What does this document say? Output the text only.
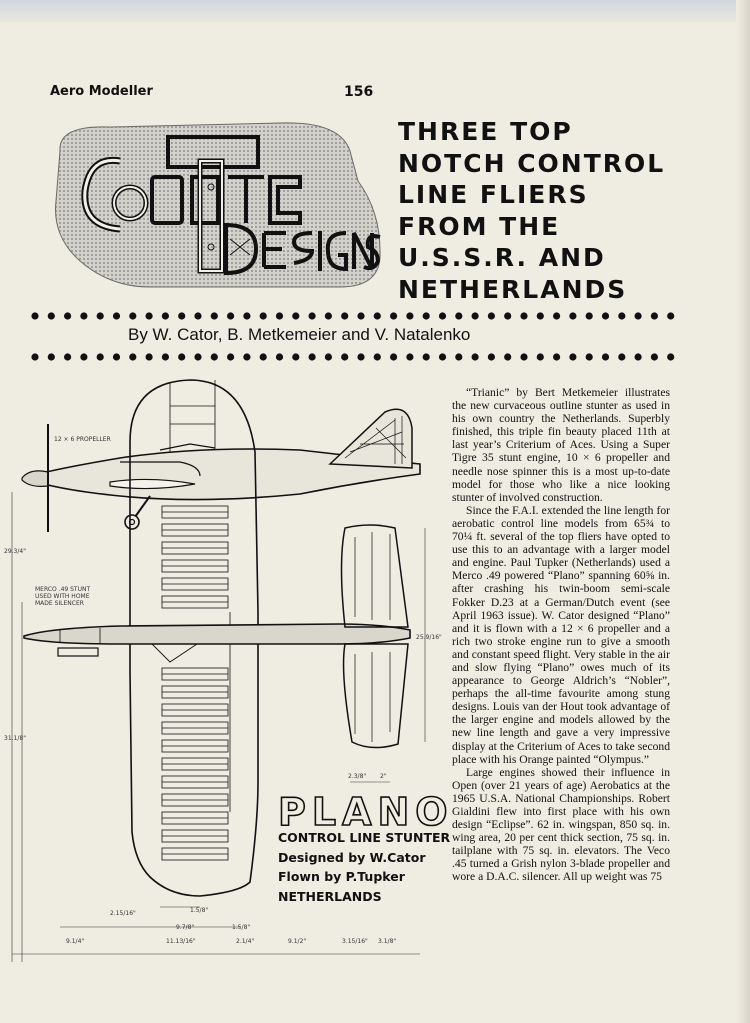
Aero Modeller	156
THREE TOP
NOTCH CONTROL
LINE FLIERS
FROM THE
U.S.S.R. AND
NETHERLANDS
By W. Cator, B. Metkemeier and V. Natalenko
12 × 6 PROPELLER
MERCO .49 STUNT
USED WITH HOME
MADE SILENCER
29.3/4"
25.9/16"
31.1/8"
2.3/8" 2"
2.15/16"	1.5/8"
9.7/8"	1.5/8"
9.1/4"	11.13/16"	2.1/4"	9.1/2"	3.15/16" 3.1/8"
PLANO
CONTROL LINE STUNTER
Designed by W.Cator
Flown by P.Tupker
NETHERLANDS

“Trianic” by Bert Metkemeier illustrates the new curvaceous outline stunter as used in his own country the Netherlands. Superbly finished, this triple fin beauty placed 11th at last year’s Criterium of Aces. Using a Super Tigre 35 stunt engine, 10 × 6 propeller and needle nose spinner this is a most up-to-date model for those who like a nice looking stunter of involved construction.

Since the F.A.I. extended the line length for aerobatic control line models from 65¾ to 70¼ ft. several of the top fliers have opted to use this to an advantage with a larger model and engine. Paul Tupker (Netherlands) used a Merco .49 powered “Plano” spanning 60⅝ in. after crashing his twin-boom semi-scale Fokker D.23 at a German/Dutch event (see April 1963 issue). W. Cator designed “Plano” and it is flown with a 12 × 6 propeller and a rich two stroke engine run to give a smooth and constant speed flight. Very stable in the air and slow flying “Plano” owes much of its appearance to George Aldrich’s “Nobler”, perhaps the all-time favourite among stung designs. Louis van der Hout took advantage of the larger engine and models allowed by the new line length and gave a very impressive display at the Criterium of Aces to take second place with his Orange painted “Olympus.”

Large engines showed their influence in Open (over 21 years of age) Aerobatics at the 1965 U.S.A. National Championships. Robert Gialdini flew into first place with his own design “Eclipse”. 62 in. wingspan, 850 sq. in. wing area, 20 per cent thick section, 75 sq. in. tailplane with 75 sq. in. elevators. The Veco .45 turned a Grish nylon 3-blade propeller and wore a D.A.C. silencer. All up weight was 75
